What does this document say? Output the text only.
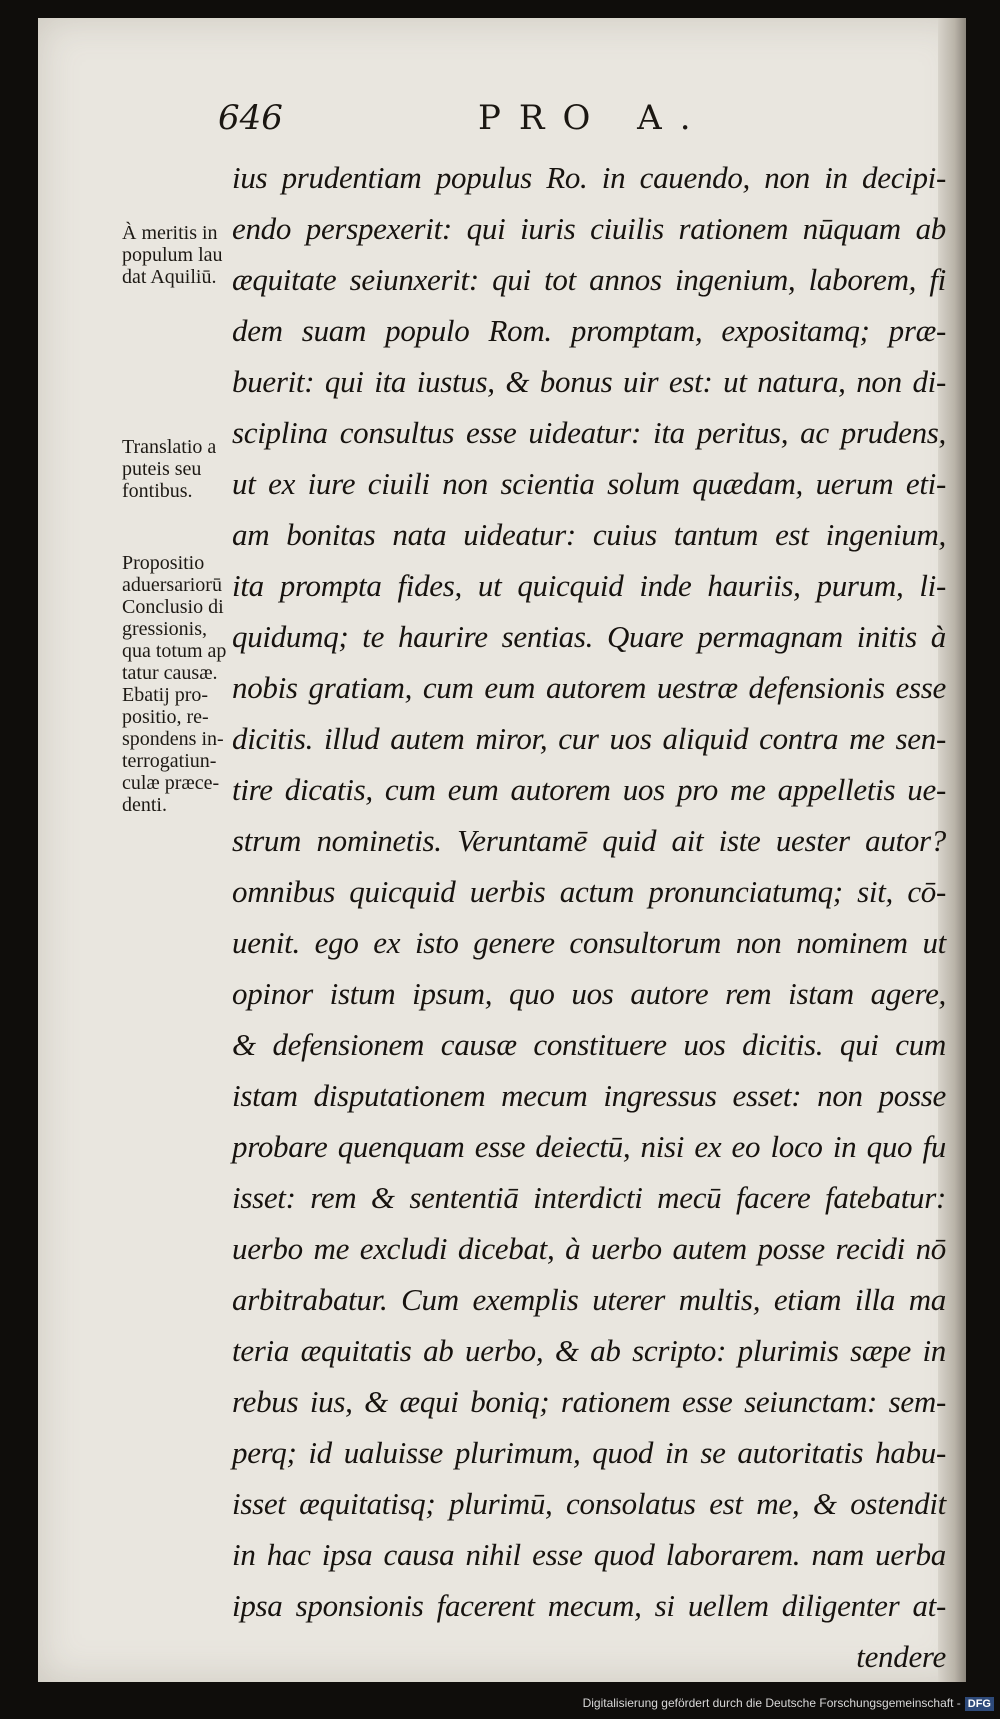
646	PRO A.
ius prudentiam populus Ro. in cauendo, non in decipi-
endo perspexerit: qui iuris ciuilis rationem nūquam ab
æquitate seiunxerit: qui tot annos ingenium, laborem, fi
dem suam populo Rom. promptam, expositamq; præ-
buerit: qui ita iustus, & bonus uir est: ut natura, non di-
sciplina consultus esse uideatur: ita peritus, ac prudens,
ut ex iure ciuili non scientia solum quædam, uerum eti-
am bonitas nata uideatur: cuius tantum est ingenium,
ita prompta fides, ut quicquid inde hauriis, purum, li-
quidumq; te haurire sentias. Quare permagnam initis à
nobis gratiam, cum eum autorem uestræ defensionis esse
dicitis. illud autem miror, cur uos aliquid contra me sen-
tire dicatis, cum eum autorem uos pro me appelletis ue-
strum nominetis. Veruntamē quid ait iste uester autor?
omnibus quicquid uerbis actum pronunciatumq; sit, cō-
uenit. ego ex isto genere consultorum non nominem ut
opinor istum ipsum, quo uos autore rem istam agere,
& defensionem causæ constituere uos dicitis. qui cum
istam disputationem mecum ingressus esset: non posse
probare quenquam esse deiectū, nisi ex eo loco in quo fu
isset: rem & sententiā interdicti mecū facere fatebatur:
uerbo me excludi dicebat, à uerbo autem posse recidi nō
arbitrabatur. Cum exemplis uterer multis, etiam illa ma
teria æquitatis ab uerbo, & ab scripto: plurimis sæpe in
rebus ius, & æqui boniq; rationem esse seiunctam: sem-
perq; id ualuisse plurimum, quod in se autoritatis habu-
isset æquitatisq; plurimū, consolatus est me, & ostendit
in hac ipsa causa nihil esse quod laborarem. nam uerba
ipsa sponsionis facerent mecum, si uellem diligenter at-
tendere
À meritis in
populum lau
dat Aquiliū.
Translatio a
puteis seu
fontibus.
Propositio
aduersariorū
Conclusio di
gressionis,
qua totum ap
tatur causæ.
Ebatij pro-
positio, re-
spondens in-
terrogatiun-
culæ præce-
denti.
Digitalisierung gefördert durch die Deutsche Forschungsgemeinschaft - DFG
